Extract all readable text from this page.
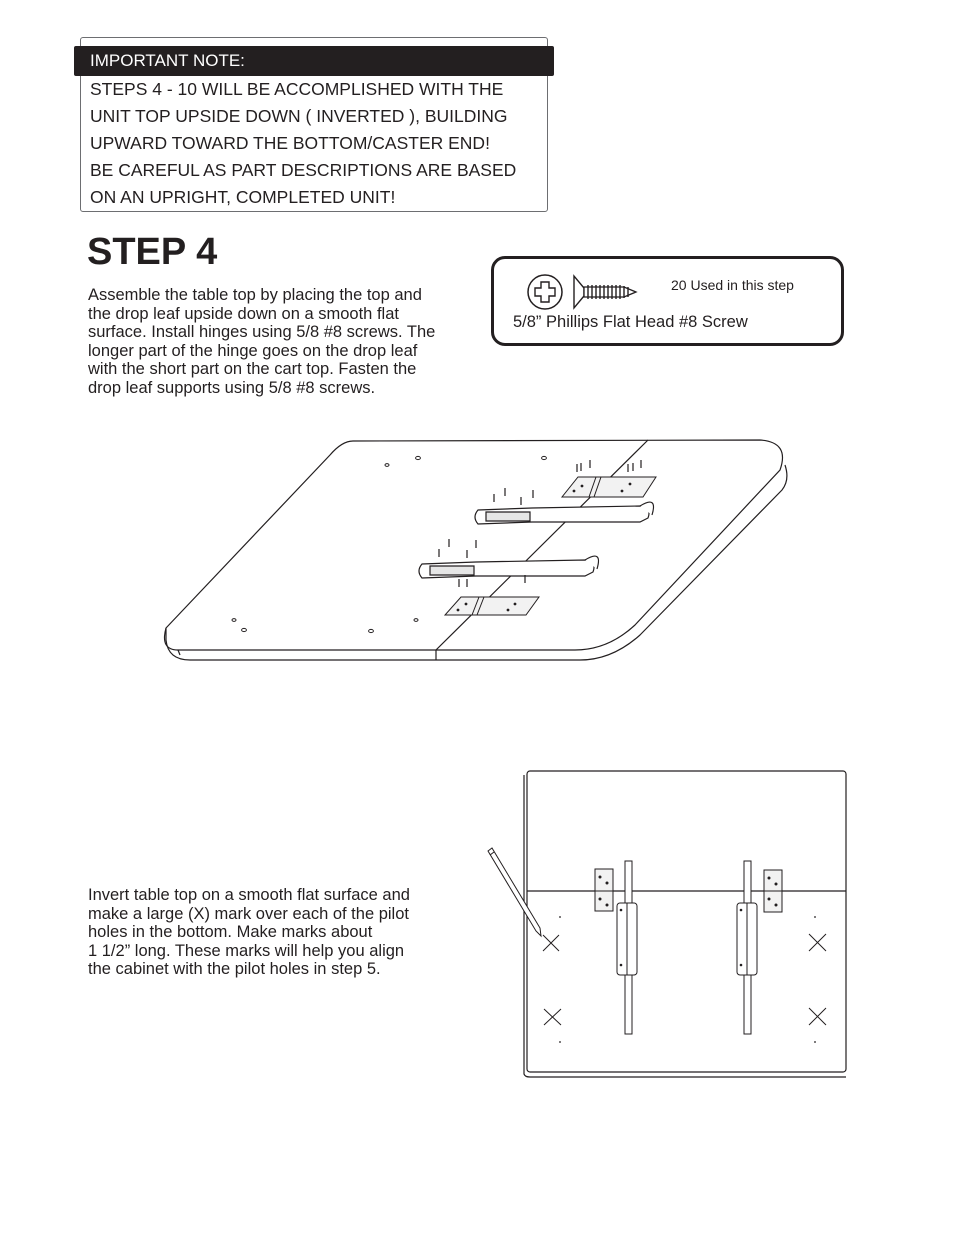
IMPORTANT NOTE:
STEPS 4 - 10 WILL BE ACCOMPLISHED WITH THE
UNIT TOP UPSIDE DOWN ( INVERTED ), BUILDING
UPWARD TOWARD THE BOTTOM/CASTER END!
BE CAREFUL AS PART DESCRIPTIONS ARE BASED
ON AN UPRIGHT, COMPLETED UNIT!
STEP 4
Assemble the table top by placing the top and
the drop leaf upside down on a smooth flat
surface. Install hinges using 5/8 #8 screws. The
longer part of the hinge goes on the drop leaf
with the short part on the cart top. Fasten the
drop leaf supports using 5/8 #8 screws.
20 Used in this step
5/8” Phillips Flat Head #8 Screw
Invert table top on a smooth flat surface and
make a large (X) mark over each of the pilot
holes in the bottom. Make marks about
1 1/2” long. These marks will help you align
the cabinet with the pilot holes in step 5.
